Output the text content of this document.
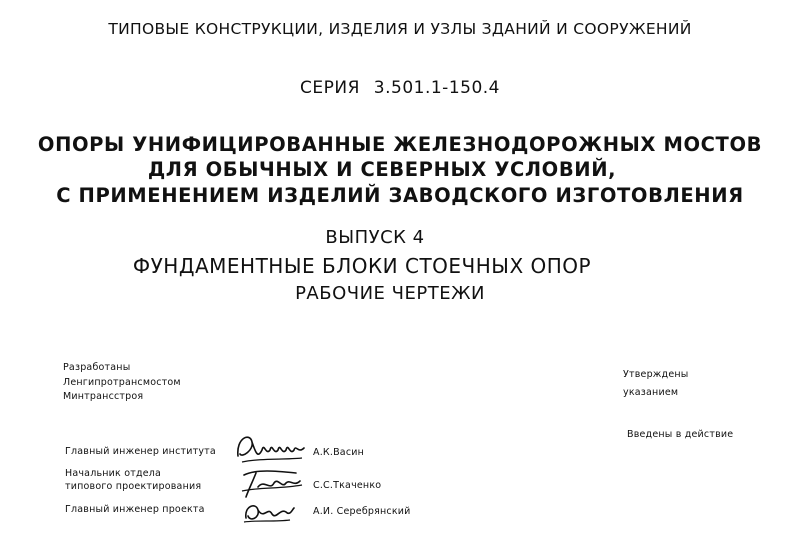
ТИПОВЫЕ КОНСТРУКЦИИ, ИЗДЕЛИЯ И УЗЛЫ ЗДАНИЙ И СООРУЖЕНИЙ
СЕРИЯ 3.501.1-150.4
ОПОРЫ УНИФИЦИРОВАННЫЕ ЖЕЛЕЗНОДОРОЖНЫХ МОСТОВ
ДЛЯ ОБЫЧНЫХ И СЕВЕРНЫХ УСЛОВИЙ,
С ПРИМЕНЕНИЕМ ИЗДЕЛИЙ ЗАВОДСКОГО ИЗГОТОВЛЕНИЯ
ВЫПУСК 4
ФУНДАМЕНТНЫЕ БЛОКИ СТОЕЧНЫХ ОПОР
РАБОЧИЕ ЧЕРТЕЖИ
Разработаны
Ленгипротрансмостом
Минтрансстроя
Утверждены
указанием
Введены в действие
Главный инженер института	А.К.Васин
Начальник отдела
типового проектирования	С.С.Ткаченко
Главный инженер проекта	А.И. Серебрянский
